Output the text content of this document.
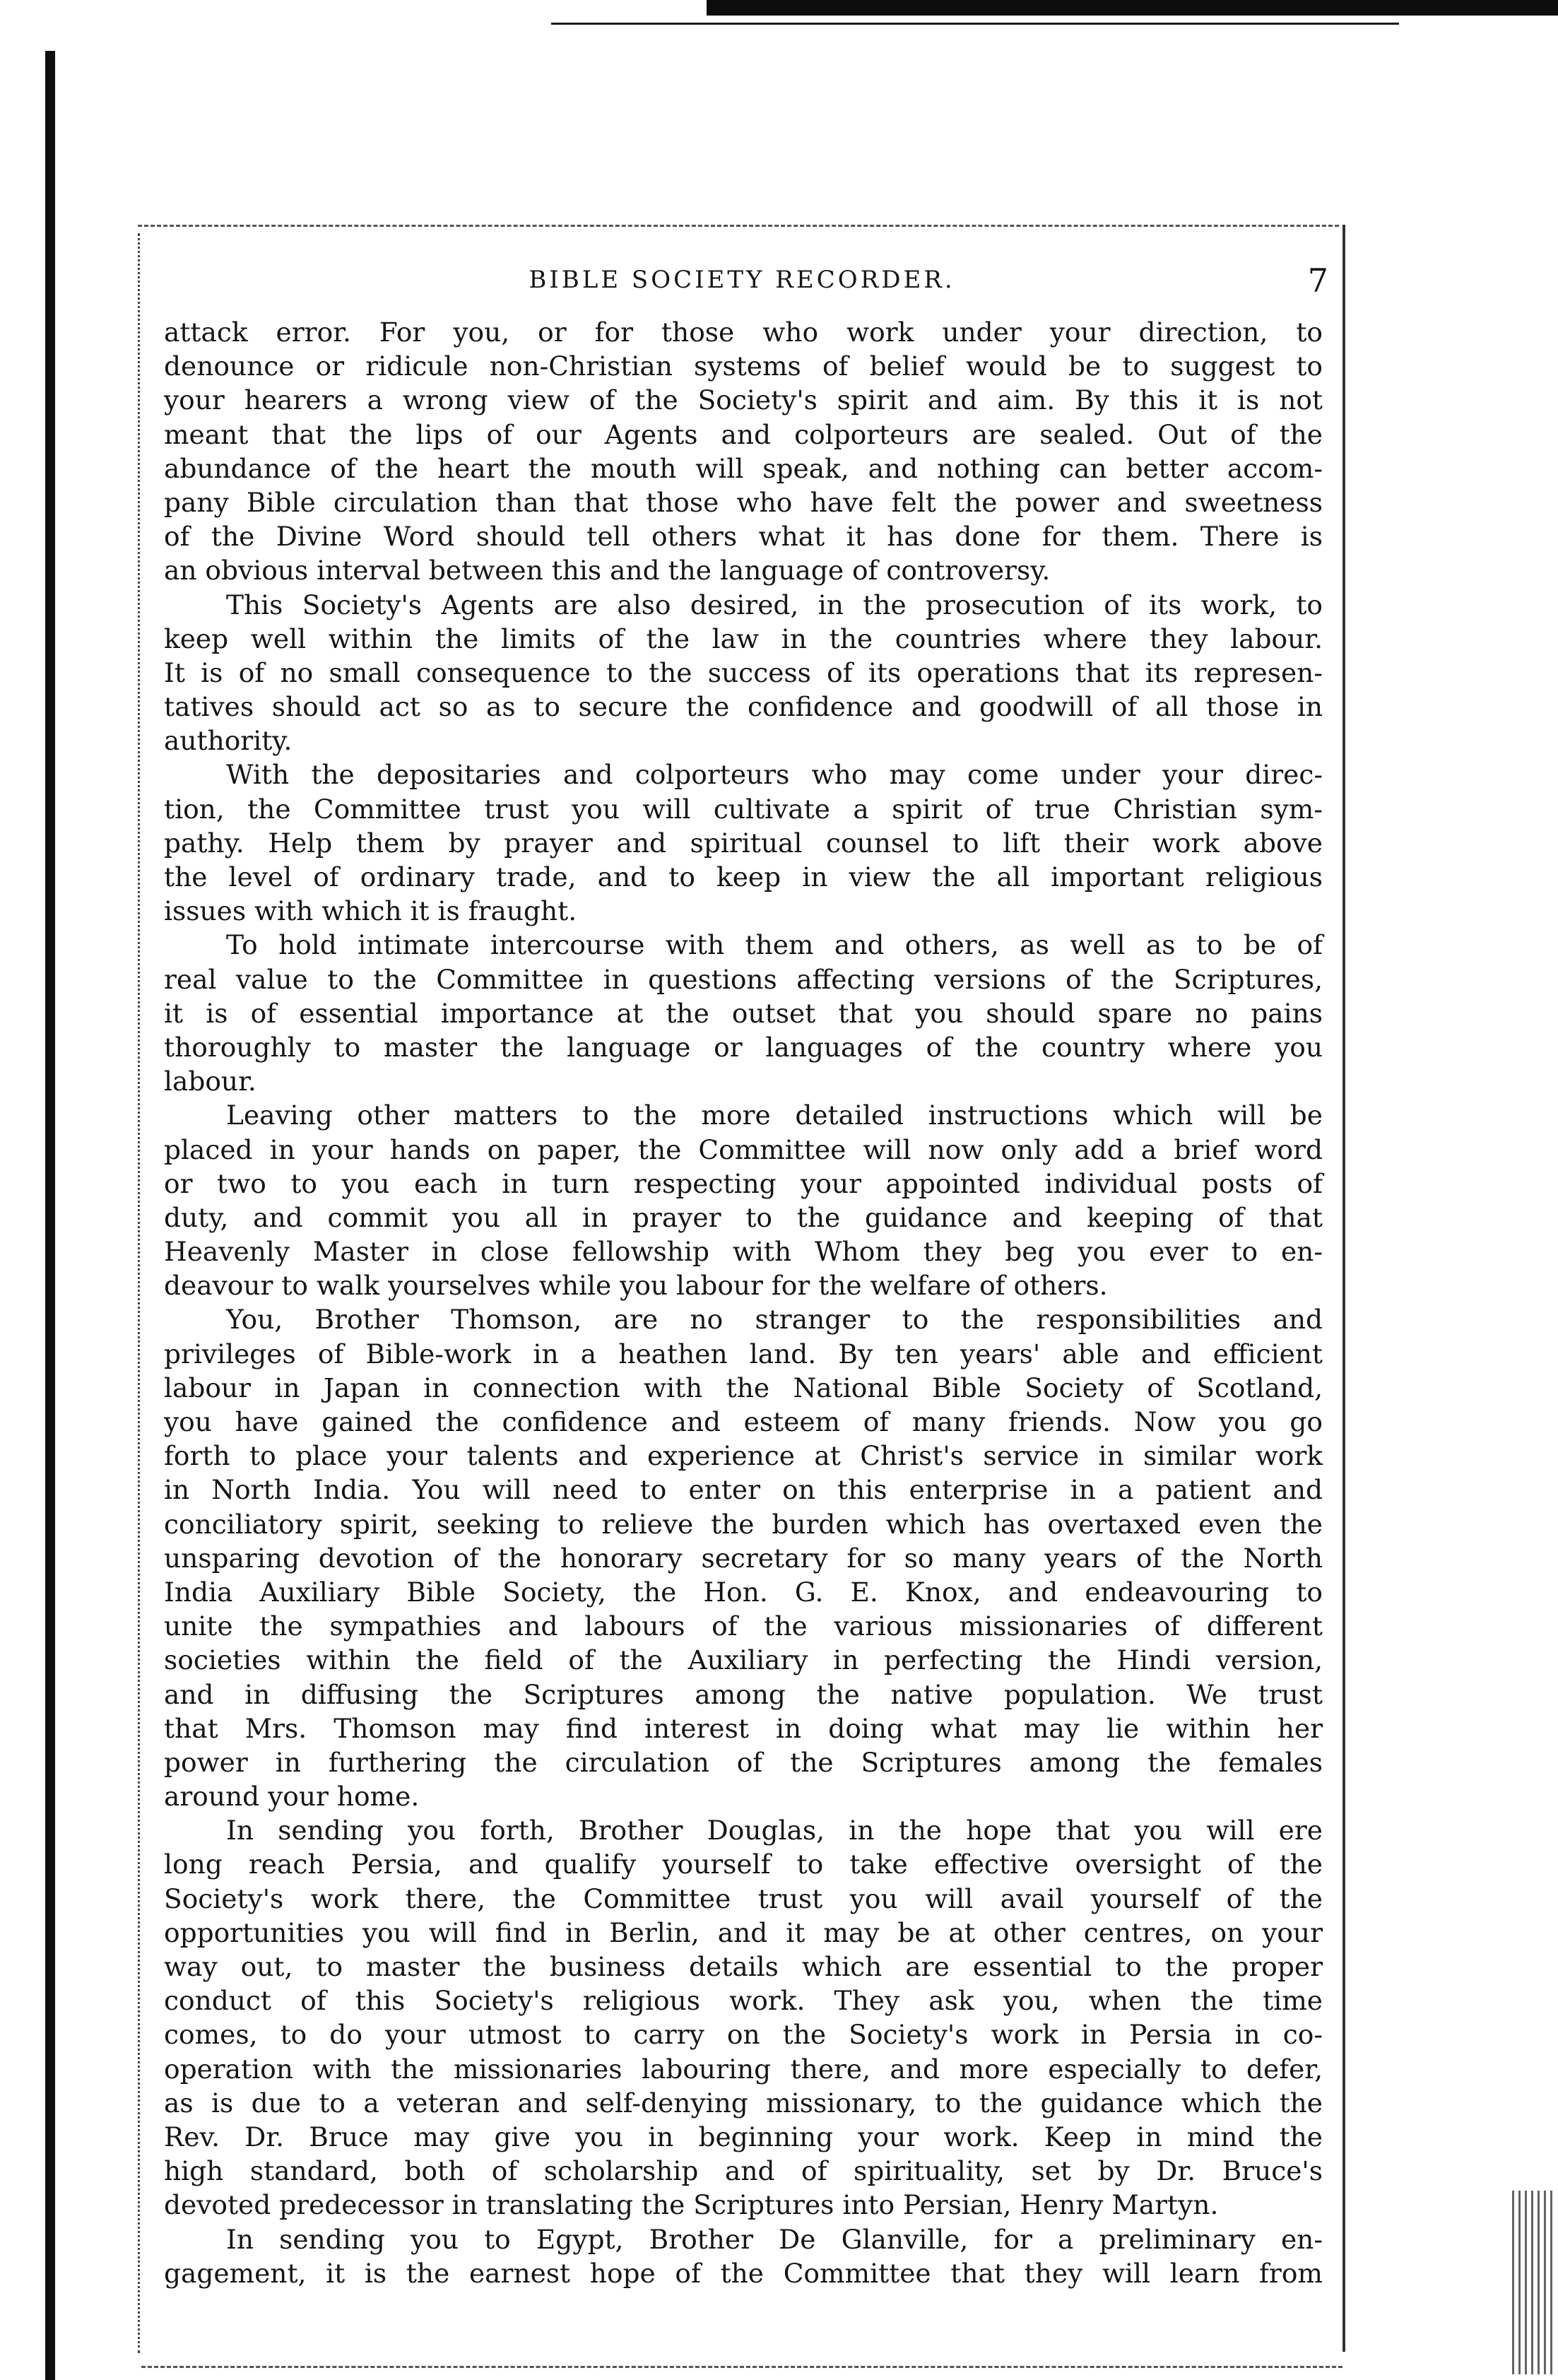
BIBLE SOCIETY RECORDER.	7
attack error. For you, or for those who work under your direction, to
denounce or ridicule non-Christian systems of belief would be to suggest to
your hearers a wrong view of the Society's spirit and aim. By this it is not
meant that the lips of our Agents and colporteurs are sealed. Out of the
abundance of the heart the mouth will speak, and nothing can better accom-
pany Bible circulation than that those who have felt the power and sweetness
of the Divine Word should tell others what it has done for them. There is
an obvious interval between this and the language of controversy.
This Society's Agents are also desired, in the prosecution of its work, to
keep well within the limits of the law in the countries where they labour.
It is of no small consequence to the success of its operations that its represen-
tatives should act so as to secure the confidence and goodwill of all those in
authority.
With the depositaries and colporteurs who may come under your direc-
tion, the Committee trust you will cultivate a spirit of true Christian sym-
pathy. Help them by prayer and spiritual counsel to lift their work above
the level of ordinary trade, and to keep in view the all important religious
issues with which it is fraught.
To hold intimate intercourse with them and others, as well as to be of
real value to the Committee in questions affecting versions of the Scriptures,
it is of essential importance at the outset that you should spare no pains
thoroughly to master the language or languages of the country where you
labour.
Leaving other matters to the more detailed instructions which will be
placed in your hands on paper, the Committee will now only add a brief word
or two to you each in turn respecting your appointed individual posts of
duty, and commit you all in prayer to the guidance and keeping of that
Heavenly Master in close fellowship with Whom they beg you ever to en-
deavour to walk yourselves while you labour for the welfare of others.
You, Brother Thomson, are no stranger to the responsibilities and
privileges of Bible-work in a heathen land. By ten years' able and efficient
labour in Japan in connection with the National Bible Society of Scotland,
you have gained the confidence and esteem of many friends. Now you go
forth to place your talents and experience at Christ's service in similar work
in North India. You will need to enter on this enterprise in a patient and
conciliatory spirit, seeking to relieve the burden which has overtaxed even the
unsparing devotion of the honorary secretary for so many years of the North
India Auxiliary Bible Society, the Hon. G. E. Knox, and endeavouring to
unite the sympathies and labours of the various missionaries of different
societies within the field of the Auxiliary in perfecting the Hindi version,
and in diffusing the Scriptures among the native population. We trust
that Mrs. Thomson may find interest in doing what may lie within her
power in furthering the circulation of the Scriptures among the females
around your home.
In sending you forth, Brother Douglas, in the hope that you will ere
long reach Persia, and qualify yourself to take effective oversight of the
Society's work there, the Committee trust you will avail yourself of the
opportunities you will find in Berlin, and it may be at other centres, on your
way out, to master the business details which are essential to the proper
conduct of this Society's religious work. They ask you, when the time
comes, to do your utmost to carry on the Society's work in Persia in co-
operation with the missionaries labouring there, and more especially to defer,
as is due to a veteran and self-denying missionary, to the guidance which the
Rev. Dr. Bruce may give you in beginning your work. Keep in mind the
high standard, both of scholarship and of spirituality, set by Dr. Bruce's
devoted predecessor in translating the Scriptures into Persian, Henry Martyn.
In sending you to Egypt, Brother De Glanville, for a preliminary en-
gagement, it is the earnest hope of the Committee that they will learn from
